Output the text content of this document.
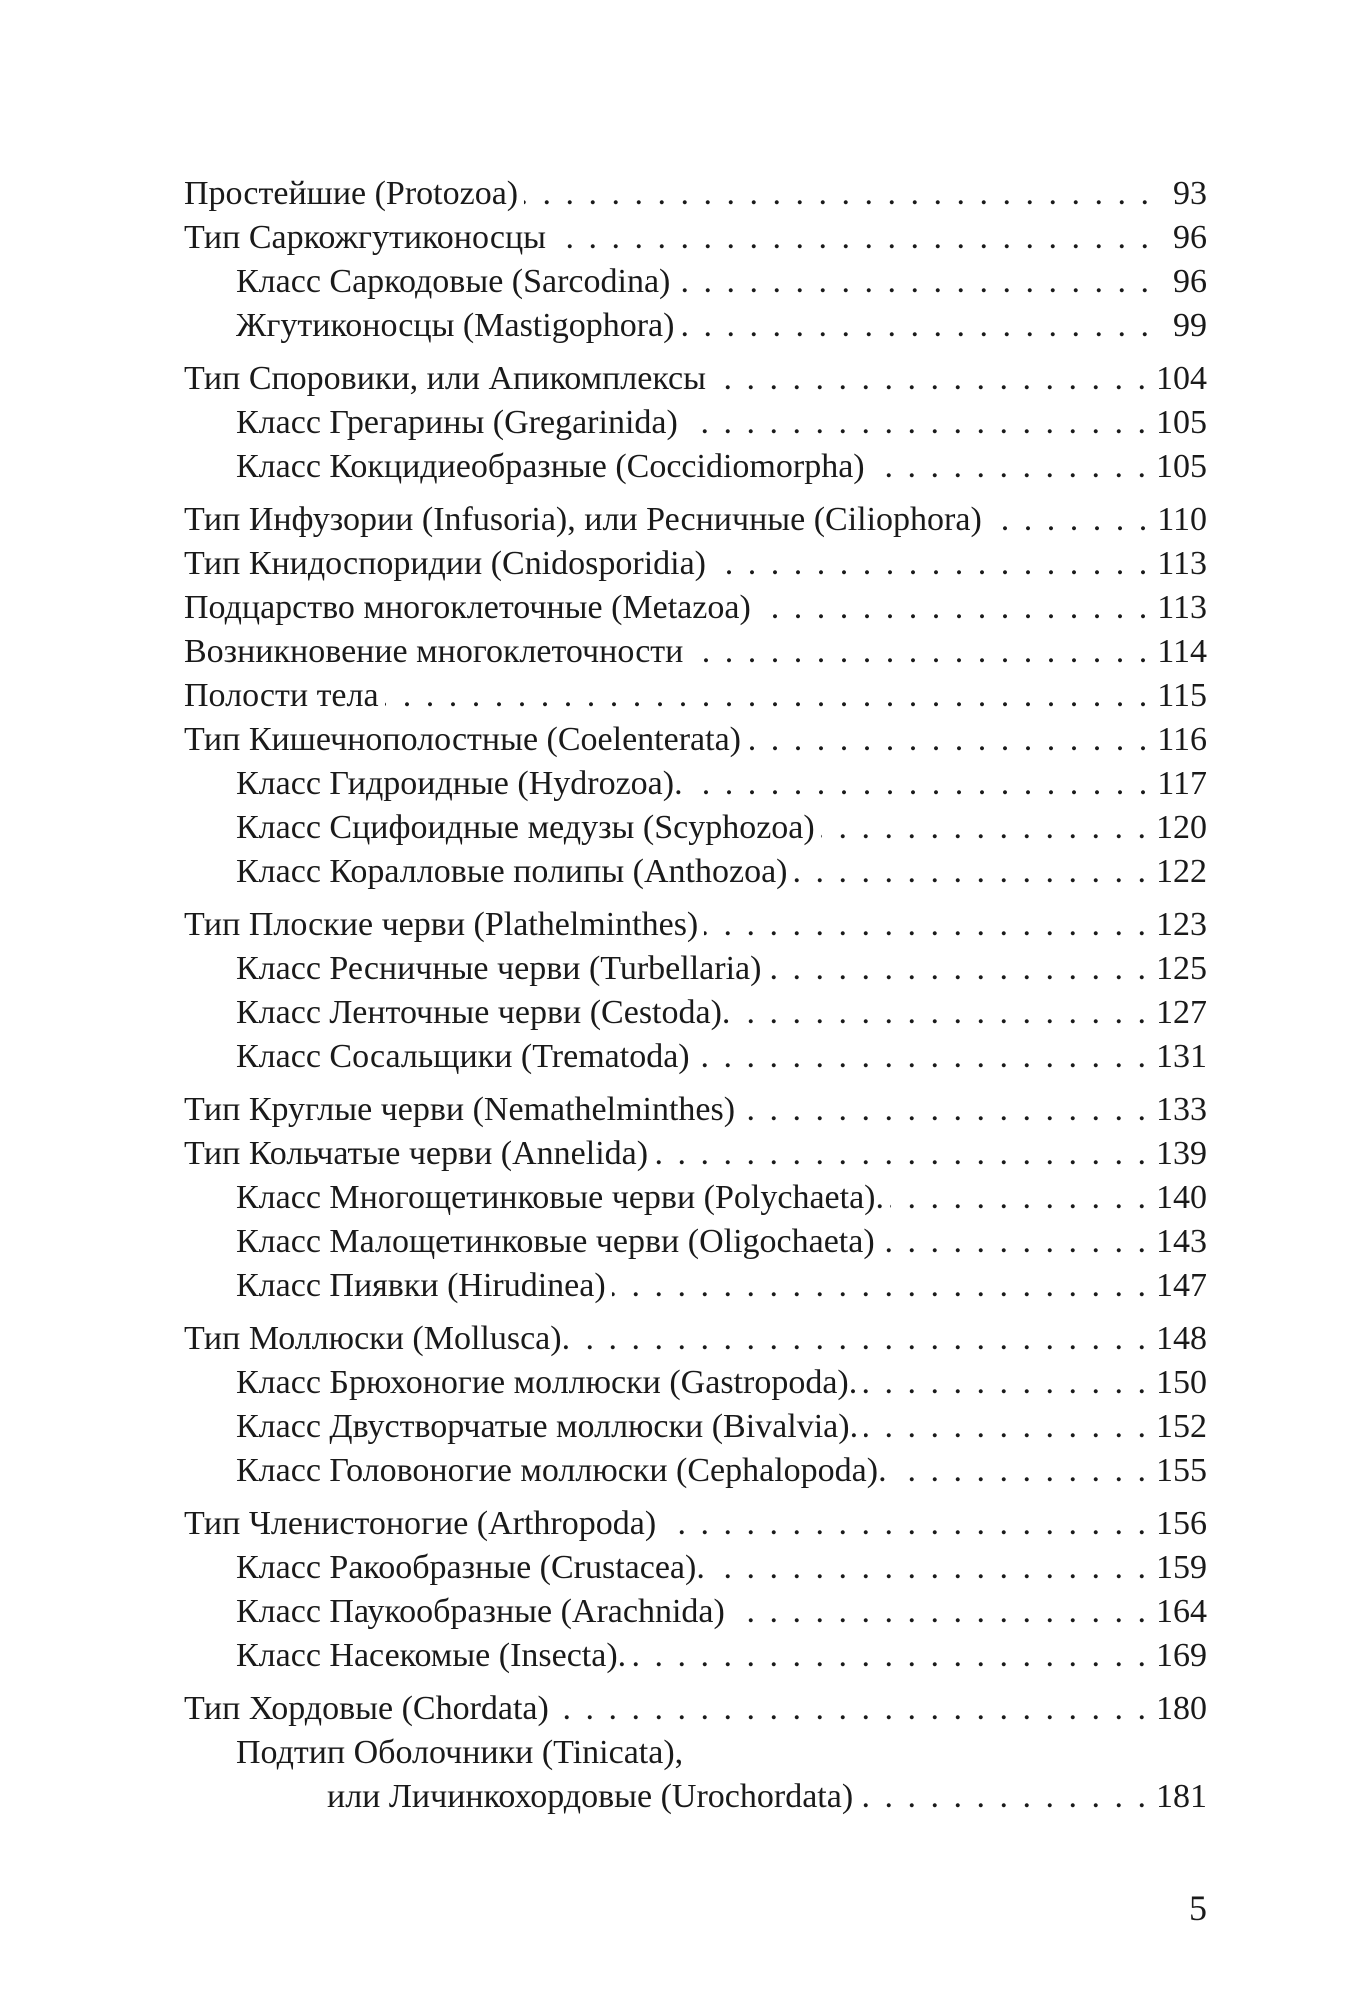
Простейшие (Protozoa) . . .	93
Тип Саркожгутиконосцы . . .	96
Класс Саркодовые (Sarcodina) . . .	96
Жгутиконосцы (Mastigophora) . . .	99
Тип Споровики, или Апикомплексы . . .	104
Класс Грегарины (Gregarinida) . . .	105
Класс Кокцидиеобразные (Coccidiomorpha) . . .	105
Тип Инфузории (Infusoria), или Ресничные (Ciliophora) . . .	110
Тип Книдоспоридии (Cnidosporidia) . . .	113
Подцарство многоклеточные (Metazoa) . . .	113
Возникновение многоклеточности . . .	114
Полости тела . . .	115
Тип Кишечнополостные (Coelenterata) . . .	116
Класс Гидроидные (Hydrozoa). . . .	117
Класс Сцифоидные медузы (Scyphozoa) . . .	120
Класс Коралловые полипы (Anthozoa) . . .	122
Тип Плоские черви (Plathelminthes) . . .	123
Класс Ресничные черви (Turbellaria) . . .	125
Класс Ленточные черви (Cestoda). . . .	127
Класс Сосальщики (Trematoda) . . .	131
Тип Круглые черви (Nemathelminthes) . . .	133
Тип Кольчатые черви (Annelida) . . .	139
Класс Многощетинковые черви (Polychaeta). . . .	140
Класс Малощетинковые черви (Oligochaeta) . . .	143
Класс Пиявки (Hirudinea) . . .	147
Тип Моллюски (Mollusca). . . .	148
Класс Брюхоногие моллюски (Gastropoda). . . .	150
Класс Двустворчатые моллюски (Bivalvia). . . .	152
Класс Головоногие моллюски (Cephalopoda). . . .	155
Тип Членистоногие (Arthropoda) . . .	156
Класс Ракообразные (Crustacea). . . .	159
Класс Паукообразные (Arachnida) . . .	164
Класс Насекомые (Insecta). . . .	169
Тип Хордовые (Chordata) . . .	180
Подтип Оболочники (Tinicata),
или Личинкохордовые (Urochordata) . . .	181
5
